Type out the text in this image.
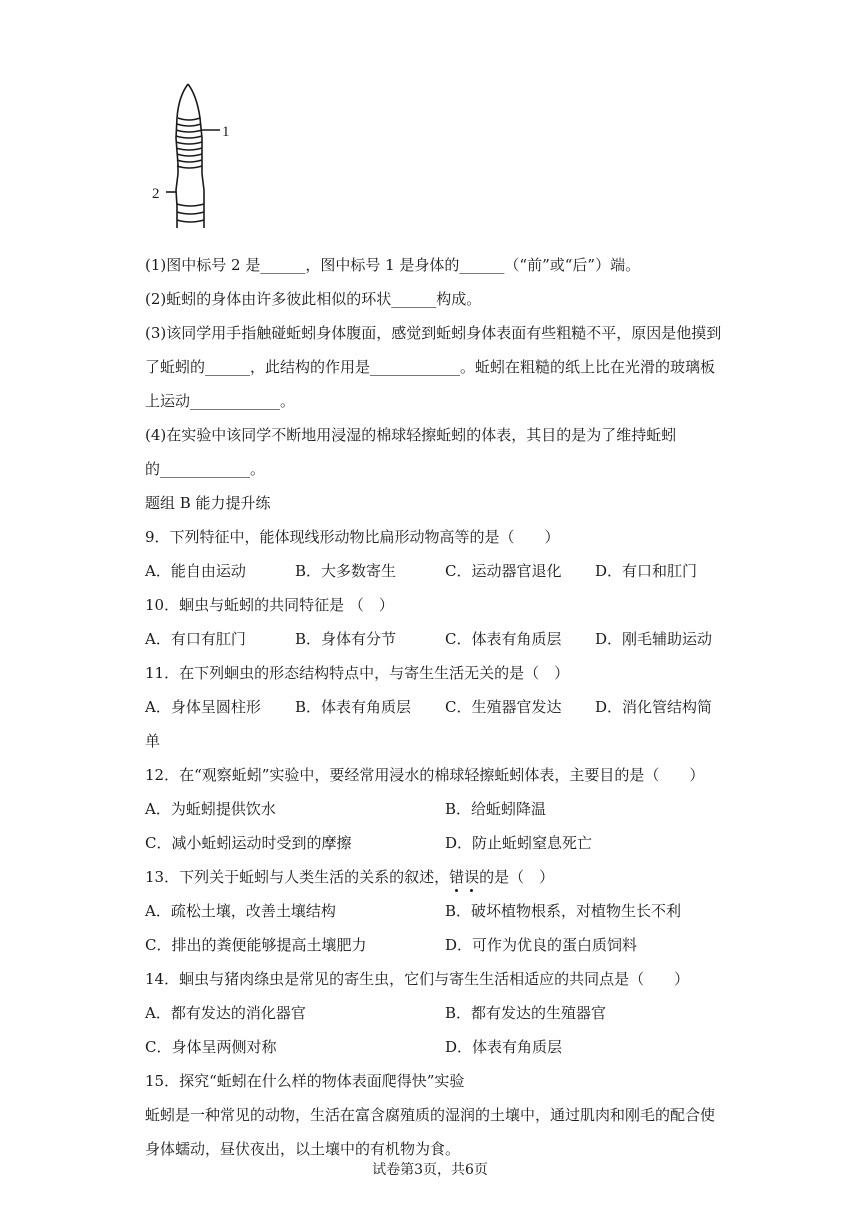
1
2
(1)图中标号 2 是______，图中标号 1 是身体的______（“前”或“后”）端。
(2)蚯蚓的身体由许多彼此相似的环状______构成。
(3)该同学用手指触碰蚯蚓身体腹面，感觉到蚯蚓身体表面有些粗糙不平，原因是他摸到
了蚯蚓的______，此结构的作用是____________。蚯蚓在粗糙的纸上比在光滑的玻璃板
上运动____________。
(4)在实验中该同学不断地用浸湿的棉球轻擦蚯蚓的体表，其目的是为了维持蚯蚓
的____________。
题组 B 能力提升练
9．下列特征中，能体现线形动物比扁形动物高等的是（　　）
A．能自由运动	B．大多数寄生	C．运动器官退化 D．有口和肛门
10．蛔虫与蚯蚓的共同特征是 （　）
A．有口有肛门	B．身体有分节	C．体表有角质层 D．刚毛辅助运动
11．在下列蛔虫的形态结构特点中，与寄生生活无关的是（　）
A．身体呈圆柱形 B．体表有角质层 C．生殖器官发达 D．消化管结构简
单
12．在“观察蚯蚓”实验中，要经常用浸水的棉球轻擦蚯蚓体表，主要目的是（　　）
A．为蚯蚓提供饮水	B．给蚯蚓降温
C．减小蚯蚓运动时受到的摩擦	D．防止蚯蚓窒息死亡
13．下列关于蚯蚓与人类生活的关系的叙述，错误的是（　）
A．疏松土壤，改善土壤结构	B．破坏植物根系，对植物生长不利
C．排出的粪便能够提高土壤肥力	D．可作为优良的蛋白质饲料
14．蛔虫与猪肉绦虫是常见的寄生虫，它们与寄生生活相适应的共同点是（　　）
A．都有发达的消化器官	B．都有发达的生殖器官
C．身体呈两侧对称	D．体表有角质层
15．探究“蚯蚓在什么样的物体表面爬得快”实验
蚯蚓是一种常见的动物，生活在富含腐殖质的湿润的土壤中，通过肌肉和刚毛的配合使
身体蠕动，昼伏夜出，以土壤中的有机物为食。
试卷第3页，共6页
